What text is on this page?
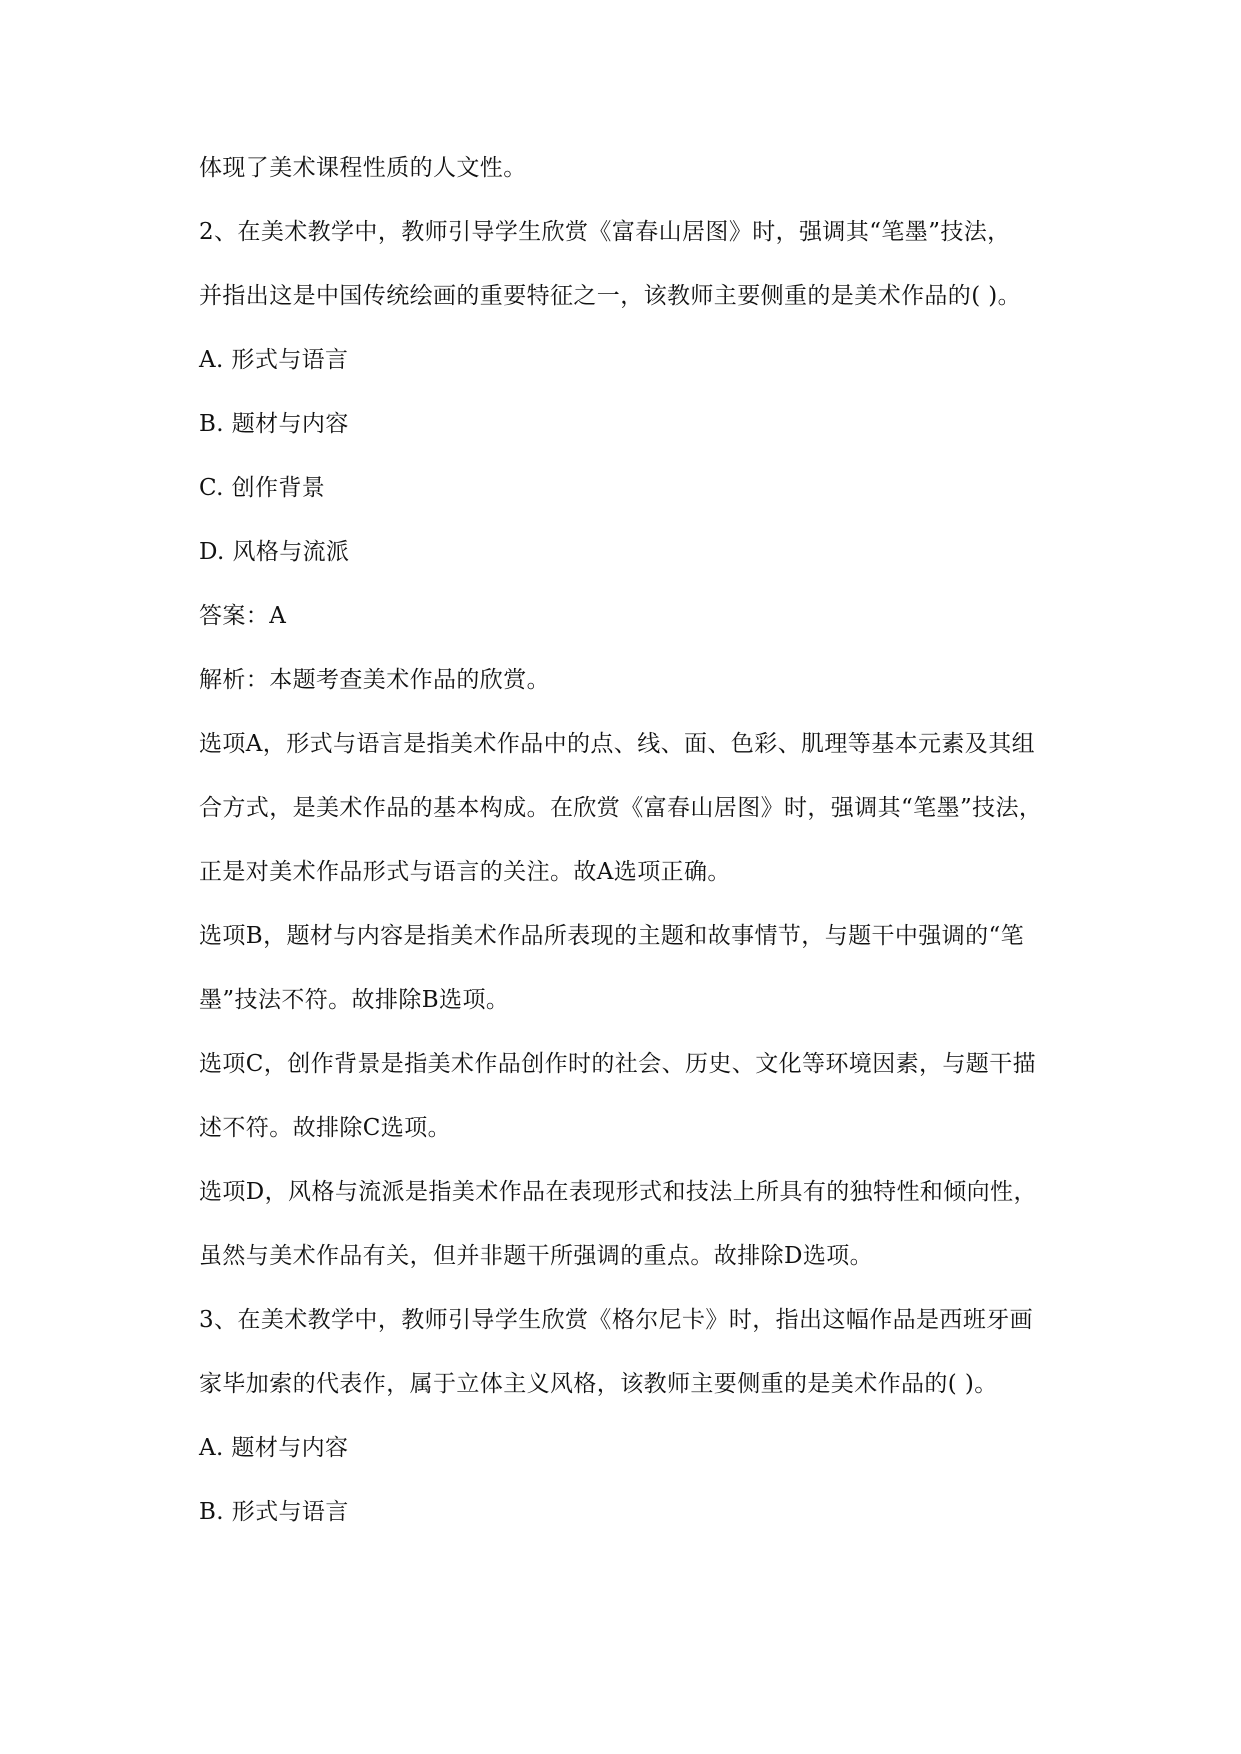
体现了美术课程性质的人文性。
2、在美术教学中，教师引导学生欣赏《富春山居图》时，强调其“笔墨”技法，
并指出这是中国传统绘画的重要特征之一，该教师主要侧重的是美术作品的( )。
A. 形式与语言
B. 题材与内容
C. 创作背景
D. 风格与流派
答案：A
解析：本题考查美术作品的欣赏。
选项A，形式与语言是指美术作品中的点、线、面、色彩、肌理等基本元素及其组
合方式，是美术作品的基本构成。在欣赏《富春山居图》时，强调其“笔墨”技法，
正是对美术作品形式与语言的关注。故A选项正确。
选项B，题材与内容是指美术作品所表现的主题和故事情节，与题干中强调的“笔
墨”技法不符。故排除B选项。
选项C，创作背景是指美术作品创作时的社会、历史、文化等环境因素，与题干描
述不符。故排除C选项。
选项D，风格与流派是指美术作品在表现形式和技法上所具有的独特性和倾向性，
虽然与美术作品有关，但并非题干所强调的重点。故排除D选项。
3、在美术教学中，教师引导学生欣赏《格尔尼卡》时，指出这幅作品是西班牙画
家毕加索的代表作，属于立体主义风格，该教师主要侧重的是美术作品的( )。
A. 题材与内容
B. 形式与语言
